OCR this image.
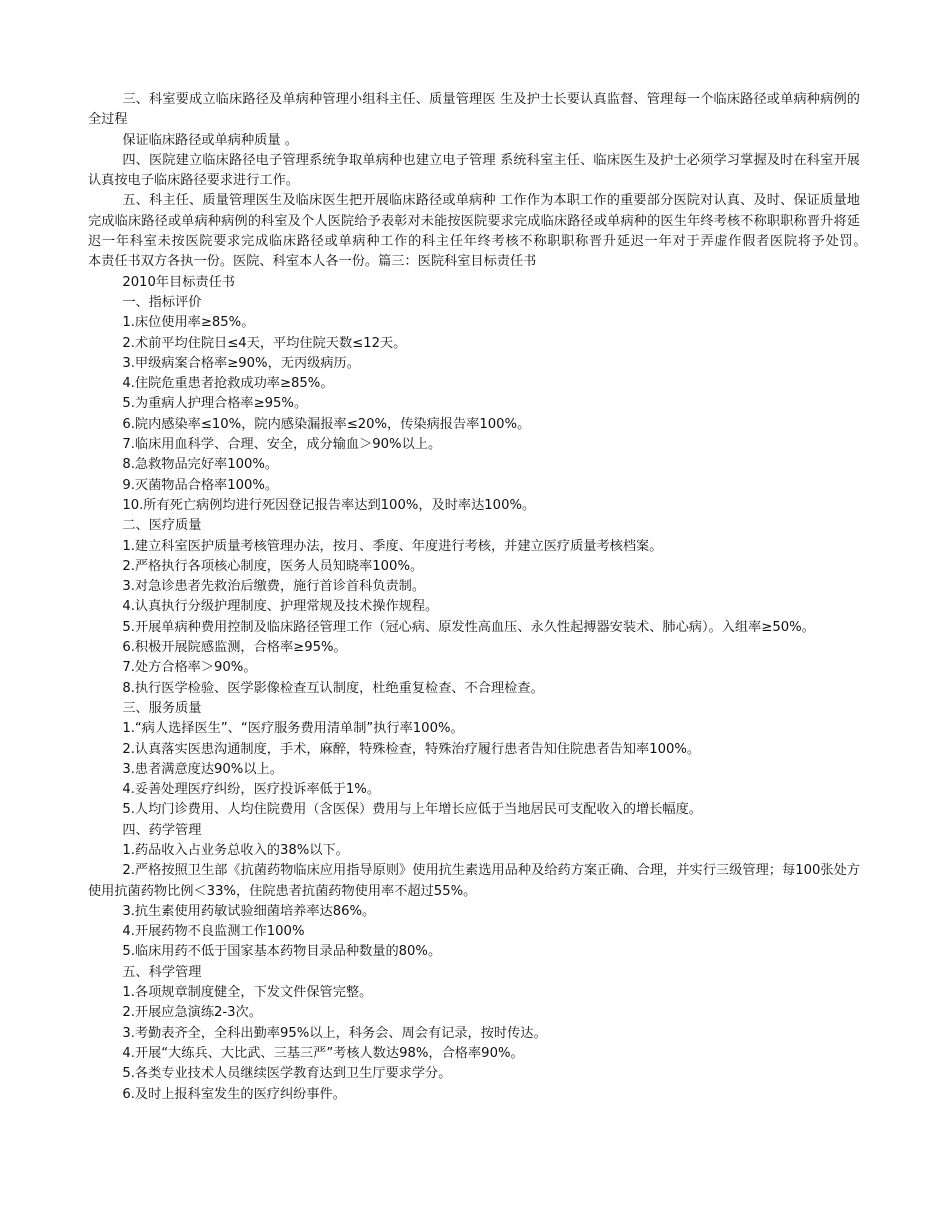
三、科室要成立临床路径及单病种管理小组科主任、质量管理医 生及护士长要认真监督、管理每一个临床路径或单病种病例的全过程

保证临床路径或单病种质量 。

四、医院建立临床路径电子管理系统争取单病种也建立电子管理 系统科室主任、临床医生及护士必须学习掌握及时在科室开展认真按电子临床路径要求进行工作。

五、科主任、质量管理医生及临床医生把开展临床路径或单病种 工作作为本职工作的重要部分医院对认真、及时、保证质量地完成临床路径或单病种病例的科室及个人医院给予表彰对未能按医院要求完成临床路径或单病种的医生年终考核不称职职称晋升将延迟一年科室未按医院要求完成临床路径或单病种工作的科主任年终考核不称职职称晋升延迟一年对于弄虚作假者医院将予处罚。　　　本责任书双方各执一份。医院、科室本人各一份。篇三：医院科室目标责任书

2010年目标责任书

一、指标评价

1.床位使用率≥85%。

2.术前平均住院日≤4天，平均住院天数≤12天。

3.甲级病案合格率≥90%，无丙级病历。

4.住院危重患者抢救成功率≥85%。

5.为重病人护理合格率≥95%。

6.院内感染率≤10%，院内感染漏报率≤20%，传染病报告率100%。

7.临床用血科学、合理、安全，成分输血＞90%以上。

8.急救物品完好率100%。

9.灭菌物品合格率100%。

10.所有死亡病例均进行死因登记报告率达到100%，及时率达100%。

二、医疗质量

1.建立科室医护质量考核管理办法，按月、季度、年度进行考核，并建立医疗质量考核档案。

2.严格执行各项核心制度，医务人员知晓率100%。

3.对急诊患者先救治后缴费，施行首诊首科负责制。

4.认真执行分级护理制度、护理常规及技术操作规程。

5.开展单病种费用控制及临床路径管理工作（冠心病、原发性高血压、永久性起搏器安装术、肺心病）。入组率≥50%。

6.积极开展院感监测，合格率≥95%。

7.处方合格率＞90%。

8.执行医学检验、医学影像检查互认制度，杜绝重复检查、不合理检查。

三、服务质量

1.“病人选择医生”、“医疗服务费用清单制”执行率100%。

2.认真落实医患沟通制度，手术，麻醉，特殊检查，特殊治疗履行患者告知住院患者告知率100%。

3.患者满意度达90%以上。

4.妥善处理医疗纠纷，医疗投诉率低于1%。

5.人均门诊费用、人均住院费用（含医保）费用与上年增长应低于当地居民可支配收入的增长幅度。

四、药学管理

1.药品收入占业务总收入的38%以下。

2.严格按照卫生部《抗菌药物临床应用指导原则》使用抗生素选用品种及给药方案正确、合理，并实行三级管理；每100张处方使用抗菌药物比例＜33%，住院患者抗菌药物使用率不超过55%。

3.抗生素使用药敏试验细菌培养率达86%。

4.开展药物不良监测工作100%

5.临床用药不低于国家基本药物目录品种数量的80%。

五、科学管理

1.各项规章制度健全，下发文件保管完整。

2.开展应急演练2-3次。

3.考勤表齐全，全科出勤率95%以上，科务会、周会有记录，按时传达。

4.开展“大练兵、大比武、三基三严”考核人数达98%，合格率90%。

5.各类专业技术人员继续医学教育达到卫生厅要求学分。

6.及时上报科室发生的医疗纠纷事件。
